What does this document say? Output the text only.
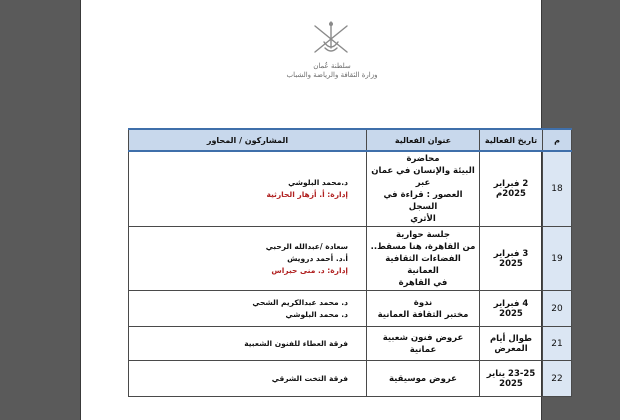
سلطنة عُمان
وزارة الثقافة والرياضة والشباب
م	تاريخ الفعالية	عنوان الفعالية	المشاركون / المحاور
18	2 فبراير 2025م	محاضرة
البيئة والإنسان في عمان عبر
العصور : قراءة في السجل
الأثري	د.محمد البلوشي
إدارة: أ. أزهار الحارثية

19	3 فبراير 2025	جلسة حوارية
من القاهرة، هنا مسقط..
الفضاءات الثقافية العمانية
في القاهرة	سعادة /عبدالله الرحبي
أ.د. أحمد درويش
إدارة: د. منى حبراس

20	4 فبراير 2025	ندوة
مختبر الثقافة العمانية	د. محمد عبدالكريم الشحي
د. محمد البلوشي

21	طوال أيام
المعرض	عروض فنون شعبية عمانية	فرقة العطاء للفنون الشعبية

22	23-25 يناير
2025	عروض موسيقية	فرقة التخت الشرقي
